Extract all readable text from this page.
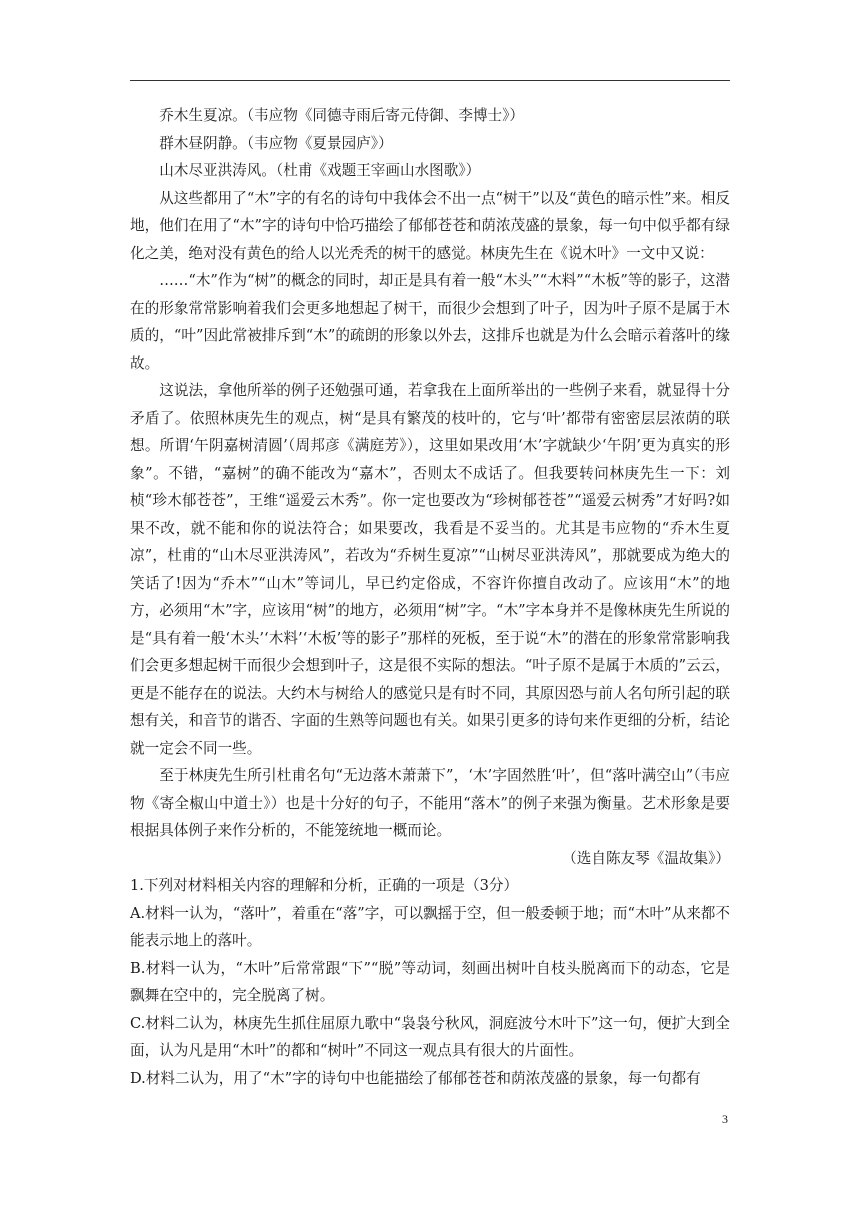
乔木生夏凉。（韦应物《同德寺雨后寄元侍御、李博士》）

群木昼阴静。（韦应物《夏景园庐》）

山木尽亚洪涛风。（杜甫《戏题王宰画山水图歌》）

从这些都用了“木”字的有名的诗句中我体会不出一点“树干”以及“黄色的暗示性”来。相反地，他们在用了“木”字的诗句中恰巧描绘了郁郁苍苍和荫浓茂盛的景象，每一句中似乎都有绿化之美，绝对没有黄色的给人以光秃秃的树干的感觉。林庚先生在《说木叶》一文中又说：

……“木”作为“树”的概念的同时，却正是具有着一般“木头”“木料”“木板”等的影子，这潜在的形象常常影响着我们会更多地想起了树干，而很少会想到了叶子，因为叶子原不是属于木质的，“叶”因此常被排斥到“木”的疏朗的形象以外去，这排斥也就是为什么会暗示着落叶的缘故。

这说法，拿他所举的例子还勉强可通，若拿我在上面所举出的一些例子来看，就显得十分矛盾了。依照林庚先生的观点，树“是具有繁茂的枝叶的，它与‘叶’都带有密密层层浓荫的联想。所谓‘午阴嘉树清圆’（周邦彦《满庭芳》），这里如果改用‘木’字就缺少‘午阴’更为真实的形象”。不错，“嘉树”的确不能改为“嘉木”，否则太不成话了。但我要转问林庚先生一下：刘桢“珍木郁苍苍”，王维“遥爱云木秀”。你一定也要改为“珍树郁苍苍”“遥爱云树秀”才好吗?如果不改，就不能和你的说法符合；如果要改，我看是不妥当的。尤其是韦应物的“乔木生夏凉”，杜甫的“山木尽亚洪涛风”，若改为“乔树生夏凉”“山树尽亚洪涛风”，那就要成为绝大的笑话了!因为“乔木”“山木”等词儿，早已约定俗成，不容许你擅自改动了。应该用“木”的地方，必须用“木”字，应该用“树”的地方，必须用“树”字。“木”字本身并不是像林庚先生所说的是“具有着一般‘木头’‘木料’‘木板’等的影子”那样的死板，至于说“木”的潜在的形象常常影响我们会更多想起树干而很少会想到叶子，这是很不实际的想法。“叶子原不是属于木质的”云云，更是不能存在的说法。大约木与树给人的感觉只是有时不同，其原因恐与前人名句所引起的联想有关，和音节的谐否、字面的生熟等问题也有关。如果引更多的诗句来作更细的分析，结论就一定会不同一些。

至于林庚先生所引杜甫名句“无边落木萧萧下”，‘木’字固然胜‘叶’，但“落叶满空山”（韦应物《寄全椒山中道士》）也是十分好的句子，不能用“落木”的例子来强为衡量。艺术形象是要根据具体例子来作分析的，不能笼统地一概而论。

（选自陈友琴《温故集》）

1.下列对材料相关内容的理解和分析，正确的一项是（3分）

A.材料一认为，“落叶”，着重在“落”字，可以飘摇于空，但一般委顿于地；而“木叶”从来都不能表示地上的落叶。

B.材料一认为，“木叶”后常常跟“下”“脱”等动词，刻画出树叶自枝头脱离而下的动态，它是飘舞在空中的，完全脱离了树。

C.材料二认为，林庚先生抓住屈原九歌中“袅袅兮秋风，洞庭波兮木叶下”这一句，便扩大到全面，认为凡是用“木叶”的都和“树叶”不同这一观点具有很大的片面性。

D.材料二认为，用了“木”字的诗句中也能描绘了郁郁苍苍和荫浓茂盛的景象，每一句都有

3
